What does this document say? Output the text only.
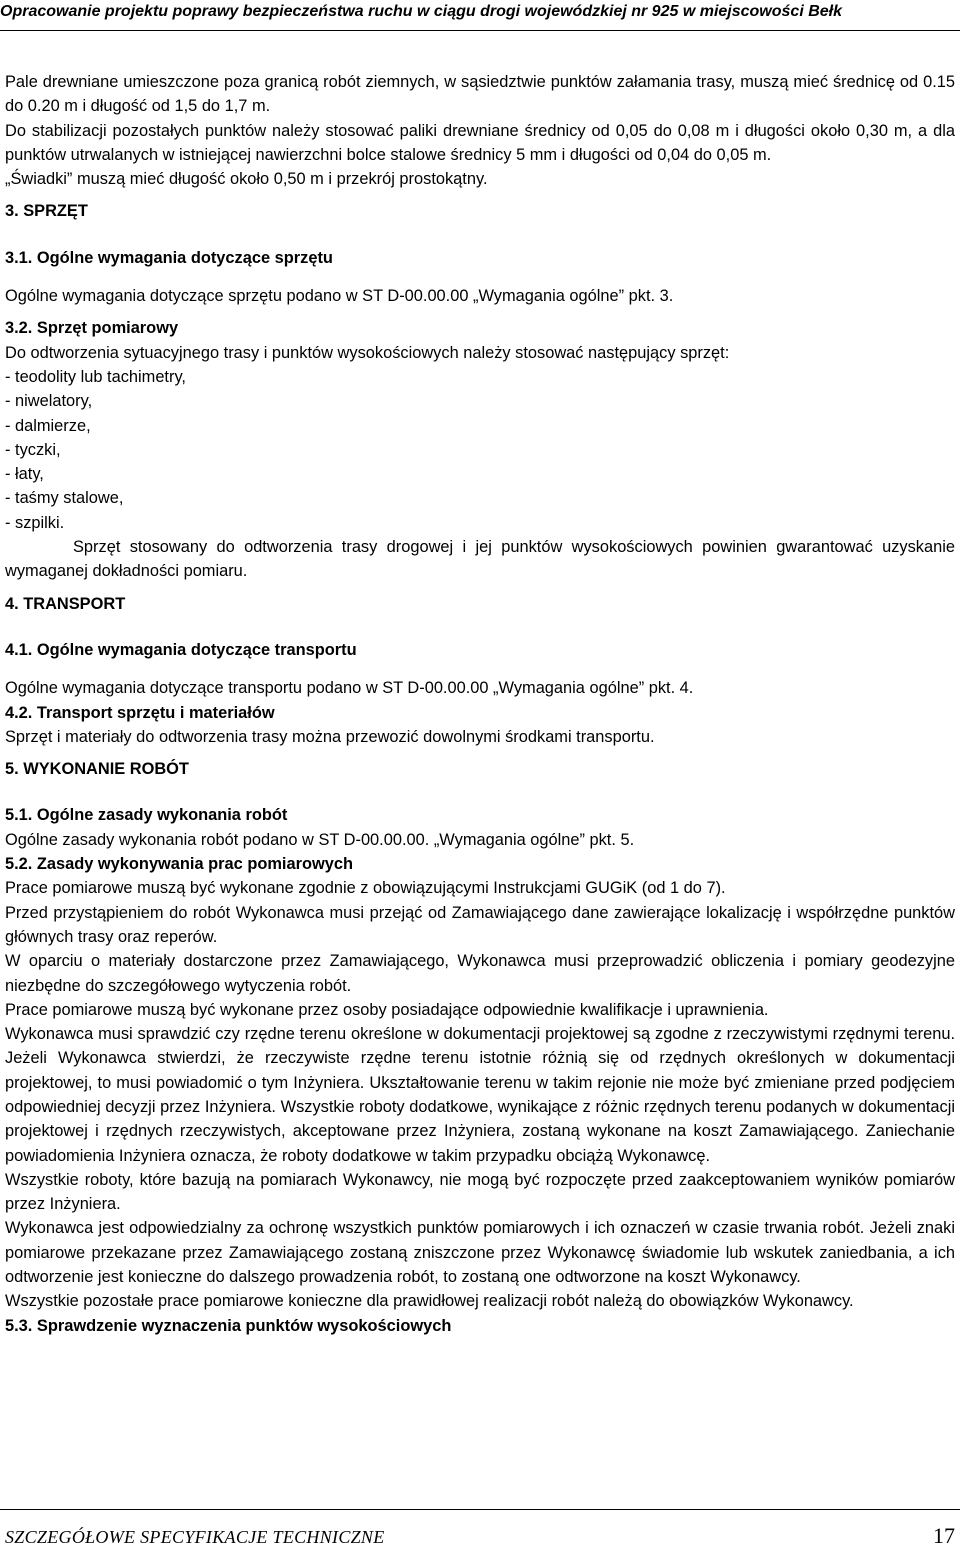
Opracowanie projektu poprawy bezpieczeństwa ruchu w ciągu drogi wojewódzkiej nr 925 w miejscowości Bełk

Pale drewniane umieszczone poza granicą robót ziemnych, w sąsiedztwie punktów załamania trasy, muszą mieć średnicę od 0.15 do 0.20 m i długość od 1,5 do 1,7 m.

Do stabilizacji pozostałych punktów należy stosować paliki drewniane średnicy od 0,05 do 0,08 m i długości około 0,30 m, a dla punktów utrwalanych w istniejącej nawierzchni bolce stalowe średnicy 5 mm i długości od 0,04 do 0,05 m.

„Świadki” muszą mieć długość około 0,50 m i przekrój prostokątny.

3. SPRZĘT

3.1. Ogólne wymagania dotyczące sprzętu

Ogólne wymagania dotyczące sprzętu podano w ST D-00.00.00 „Wymagania ogólne” pkt. 3.

3.2. Sprzęt pomiarowy

Do odtworzenia sytuacyjnego trasy i punktów wysokościowych należy stosować następujący sprzęt:

- teodolity lub tachimetry,
- niwelatory,
- dalmierze,
- tyczki,
- łaty,
- taśmy stalowe,
- szpilki.

Sprzęt stosowany do odtworzenia trasy drogowej i jej punktów wysokościowych powinien gwarantować uzyskanie wymaganej dokładności pomiaru.

4. TRANSPORT

4.1. Ogólne wymagania dotyczące transportu

Ogólne wymagania dotyczące transportu podano w ST D-00.00.00 „Wymagania ogólne” pkt. 4.

4.2. Transport sprzętu i materiałów

Sprzęt i materiały do odtworzenia trasy można przewozić dowolnymi środkami transportu.

5. WYKONANIE ROBÓT

5.1. Ogólne zasady wykonania robót

Ogólne zasady wykonania robót podano w ST D-00.00.00. „Wymagania ogólne” pkt. 5.

5.2. Zasady wykonywania prac pomiarowych

Prace pomiarowe muszą być wykonane zgodnie z obowiązującymi Instrukcjami GUGiK (od 1 do 7).

Przed przystąpieniem do robót Wykonawca musi przejąć od Zamawiającego dane zawierające lokalizację i współrzędne punktów głównych trasy oraz reperów.

W oparciu o materiały dostarczone przez Zamawiającego, Wykonawca musi przeprowadzić obliczenia i pomiary geodezyjne niezbędne do szczegółowego wytyczenia robót.

Prace pomiarowe muszą być wykonane przez osoby posiadające odpowiednie kwalifikacje i uprawnienia.

Wykonawca musi sprawdzić czy rzędne terenu określone w dokumentacji projektowej są zgodne z rzeczywistymi rzędnymi terenu. Jeżeli Wykonawca stwierdzi, że rzeczywiste rzędne terenu istotnie różnią się od rzędnych określonych w dokumentacji projektowej, to musi powiadomić o tym Inżyniera. Ukształtowanie terenu w takim rejonie nie może być zmieniane przed podjęciem odpowiedniej decyzji przez Inżyniera. Wszystkie roboty dodatkowe, wynikające z różnic rzędnych terenu podanych w dokumentacji projektowej i rzędnych rzeczywistych, akceptowane przez Inżyniera, zostaną wykonane na koszt Zamawiającego. Zaniechanie powiadomienia Inżyniera oznacza, że roboty dodatkowe w takim przypadku obciążą Wykonawcę.

Wszystkie roboty, które bazują na pomiarach Wykonawcy, nie mogą być rozpoczęte przed zaakceptowaniem wyników pomiarów przez Inżyniera.

Wykonawca jest odpowiedzialny za ochronę wszystkich punktów pomiarowych i ich oznaczeń w czasie trwania robót. Jeżeli znaki pomiarowe przekazane przez Zamawiającego zostaną zniszczone przez Wykonawcę świadomie lub wskutek zaniedbania, a ich odtworzenie jest konieczne do dalszego prowadzenia robót, to zostaną one odtworzone na koszt Wykonawcy.

Wszystkie pozostałe prace pomiarowe konieczne dla prawidłowej realizacji robót należą do obowiązków Wykonawcy.

5.3. Sprawdzenie wyznaczenia punktów wysokościowych

SZCZEGÓŁOWE SPECYFIKACJE TECHNICZNE	17
